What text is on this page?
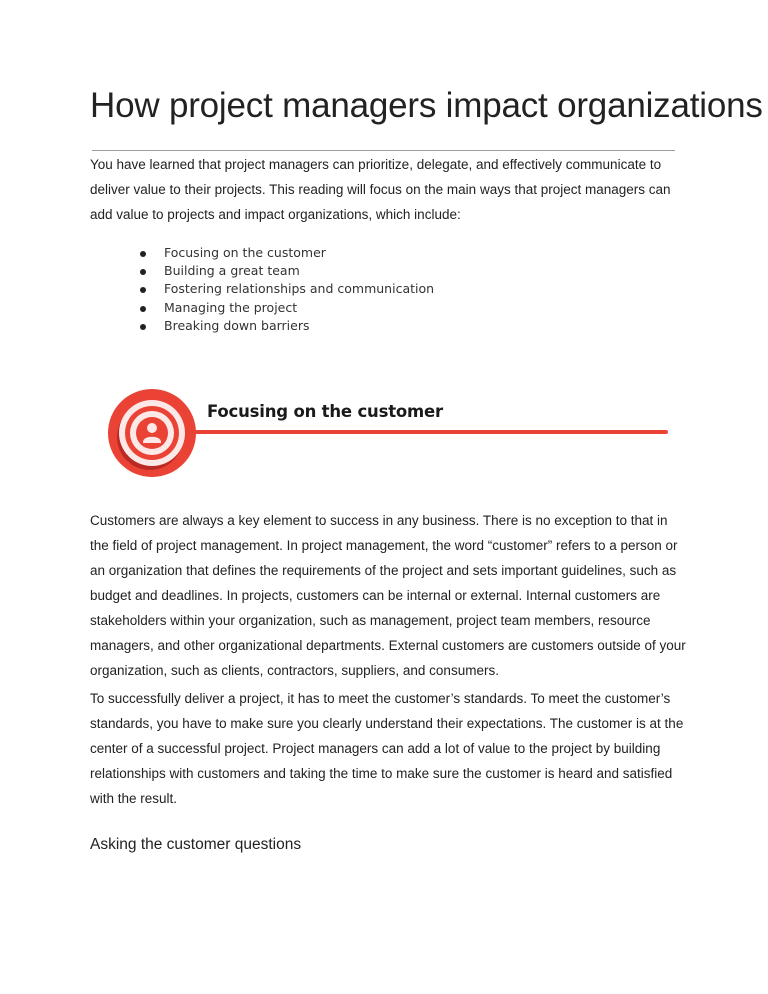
How project managers impact organizations

You have learned that project managers can prioritize, delegate, and effectively communicate to deliver value to their projects. This reading will focus on the main ways that project managers can add value to projects and impact organizations, which include:

Focusing on the customer
Building a great team
Fostering relationships and communication
Managing the project
Breaking down barriers
Focusing on the customer

Customers are always a key element to success in any business. There is no exception to that in the field of project management. In project management, the word “customer” refers to a person or an organization that defines the requirements of the project and sets important guidelines, such as budget and deadlines. In projects, customers can be internal or external. Internal customers are stakeholders within your organization, such as management, project team members, resource managers, and other organizational departments. External customers are customers outside of your organization, such as clients, contractors, suppliers, and consumers.

To successfully deliver a project, it has to meet the customer’s standards. To meet the customer’s standards, you have to make sure you clearly understand their expectations. The customer is at the center of a successful project. Project managers can add a lot of value to the project by building relationships with customers and taking the time to make sure the customer is heard and satisfied with the result.

Asking the customer questions
